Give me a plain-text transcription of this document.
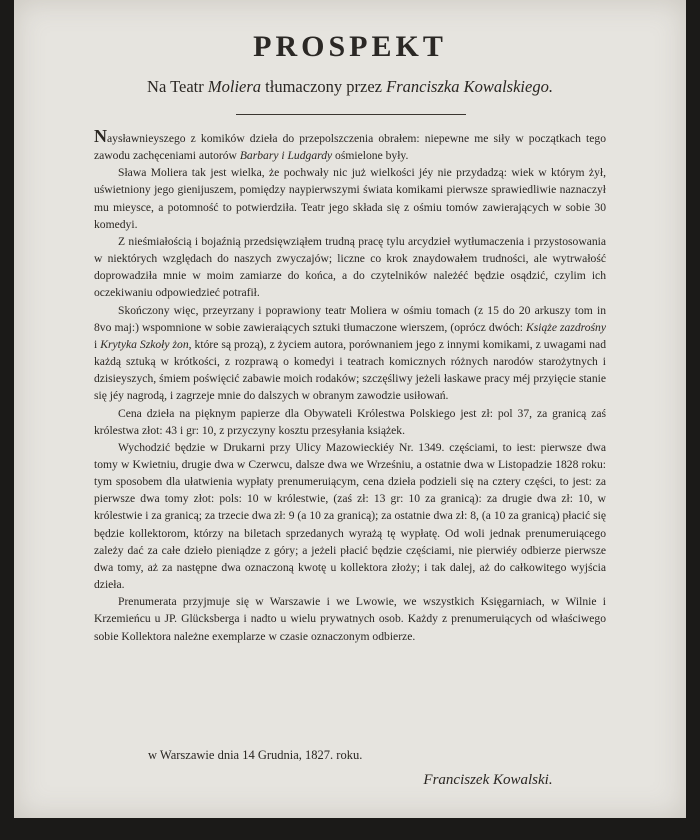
PROSPEKT
Na Teatr Moliera tłumaczony przez Franciszka Kowalskiego.

Naysławnieyszego z komików dzieła do przepolszczenia obrałem: niepewne me siły w początkach tego zawodu zachęceniami autorów Barbary i Ludgardy ośmielone były.

Sława Moliera tak jest wielka, że pochwały nic już wielkości jéy nie przydadzą: wiek w którym żył, uświetniony jego gienijuszem, pomiędzy naypierwszymi świata komikami pierwsze sprawiedliwie naznaczył mu mieysce, a potomność to potwierdziła. Teatr jego składa się z ośmiu tomów zawierających w sobie 30 komedyi.

Z nieśmiałością i bojaźnią przedsięwziąłem trudną pracę tylu arcydzieł wytłumaczenia i przystosowania w niektórych względach do naszych zwyczajów; liczne co krok znaydowałem trudności, ale wytrwałość doprowadziła mnie w moim zamiarze do końca, a do czytelników należéć będzie osądzić, czylim ich oczekiwaniu odpowiedzieć potrafił.

Skończony więc, przeyrzany i poprawiony teatr Moliera w ośmiu tomach (z 15 do 20 arkuszy tom in 8vo maj:) wspomnione w sobie zawieraiących sztuki tłumaczone wierszem, (oprócz dwóch: Książe zazdrośny i Krytyka Szkoły żon, które są prozą), z życiem autora, porównaniem jego z innymi komikami, z uwagami nad każdą sztuką w krótkości, z rozprawą o komedyi i teatrach komicznych różnych narodów starożytnych i dzisieyszych, śmiem poświęcić zabawie moich rodaków; szczęśliwy jeżeli łaskawe pracy méj przyięcie stanie się jéy nagrodą, i zagrzeje mnie do dalszych w obranym zawodzie usiłowań.

Cena dzieła na pięknym papierze dla Obywateli Królestwa Polskiego jest zł: pol 37, za granicą zaś królestwa złot: 43 i gr: 10, z przyczyny kosztu przesyłania książek.

Wychodzić będzie w Drukarni przy Ulicy Mazowieckiéy Nr. 1349. częściami, to iest: pierwsze dwa tomy w Kwietniu, drugie dwa w Czerwcu, dalsze dwa we Wrześniu, a ostatnie dwa w Listopadzie 1828 roku: tym sposobem dla ułatwienia wypłaty prenumeruiącym, cena dzieła podzieli się na cztery części, to jest: za pierwsze dwa tomy złot: pols: 10 w królestwie, (zaś zł: 13 gr: 10 za granicą): za drugie dwa zł: 10, w królestwie i za granicą; za trzecie dwa zł: 9 (a 10 za granicą); za ostatnie dwa zł: 8, (a 10 za granicą) płacić się będzie kollektorom, którzy na biletach sprzedanych wyrażą tę wypłatę. Od woli jednak prenumeruiącego zależy dać za całe dzieło pieniądze z góry; a jeżeli płacić będzie częściami, nie pierwiéy odbierze pierwsze dwa tomy, aż za następne dwa oznaczoną kwotę u kollektora złoży; i tak dalej, aż do całkowitego wyjścia dzieła.

Prenumerata przyjmuje się w Warszawie i we Lwowie, we wszystkich Księgarniach, w Wilnie i Krzemieńcu u JP. Glücksberga i nadto u wielu prywatnych osob. Każdy z prenumeruiących od właściwego sobie Kollektora należne exemplarze w czasie oznaczonym odbierze.

w Warszawie dnia 14 Grudnia, 1827. roku.
Franciszek Kowalski.
